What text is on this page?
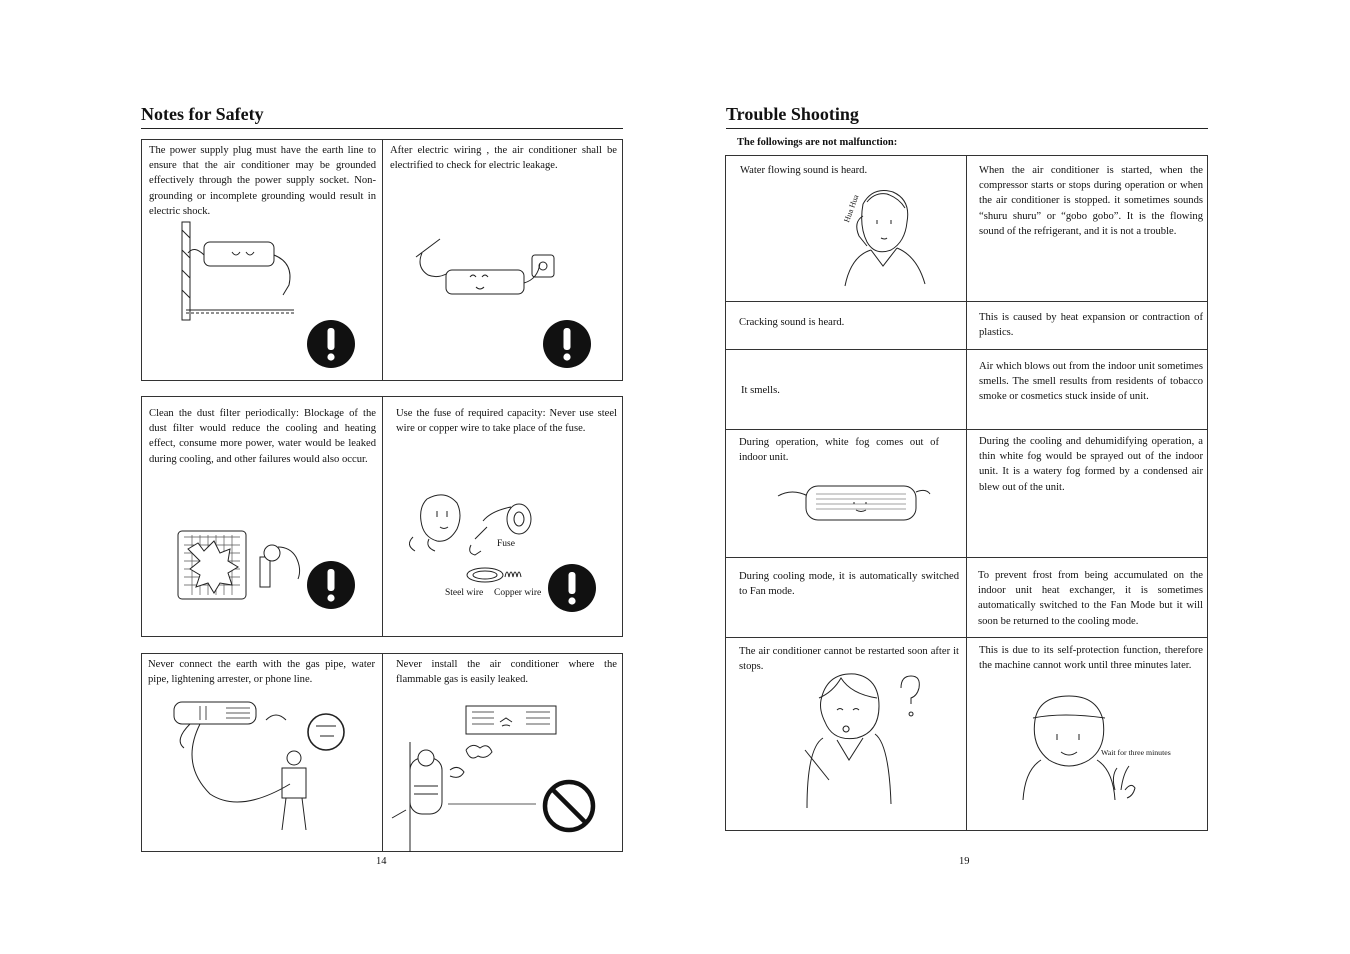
Notes for Safety
The power supply plug must have the earth line to ensure that the air conditioner may be grounded effectively through the power supply socket. Non-grounding or incomplete grounding would result in electric shock.
After electric wiring , the air conditioner shall be electrified to check for electric leakage.
Clean the dust filter periodically: Blockage of the dust filter would reduce the cooling and heating effect, consume more power, water would be leaked during cooling, and other failures would also occur.
Use the fuse of required capacity: Never use steel wire or copper wire to take place of the fuse.
Fuse
Steel wire Copper wire
Never connect the earth with the gas pipe, water pipe, lightening arrester, or phone line.
Never install the air conditioner where the flammable gas is easily leaked.
14
Trouble Shooting
The followings are not malfunction:
Water flowing sound is heard.
Hua Hua
When the air conditioner is started, when the compressor starts or stops during operation or when the air conditioner is stopped. it sometimes sounds “shuru shuru” or “gobo gobo”. It is the flowing sound of the refrigerant, and it is not a trouble.
Cracking sound is heard.	This is caused by heat expansion or contraction of plastics.
It smells.
Air which blows out from the indoor unit sometimes smells. The smell results from residents of tobacco smoke or cosmetics stuck inside of unit.
During operation, white fog comes out of indoor unit.
During the cooling and dehumidifying operation, a thin white fog would be sprayed out of the indoor unit. It is a watery fog formed by a condensed air blew out of the unit.
During cooling mode, it is automatically switched to Fan mode.
To prevent frost from being accumulated on the indoor unit heat exchanger, it is sometimes automatically switched to the Fan Mode but it will soon be returned to the cooling mode.
The air conditioner cannot be restarted soon after it stops.
This is due to its self-protection function, therefore the machine cannot work until three minutes later.
Wait for three minutes
19
